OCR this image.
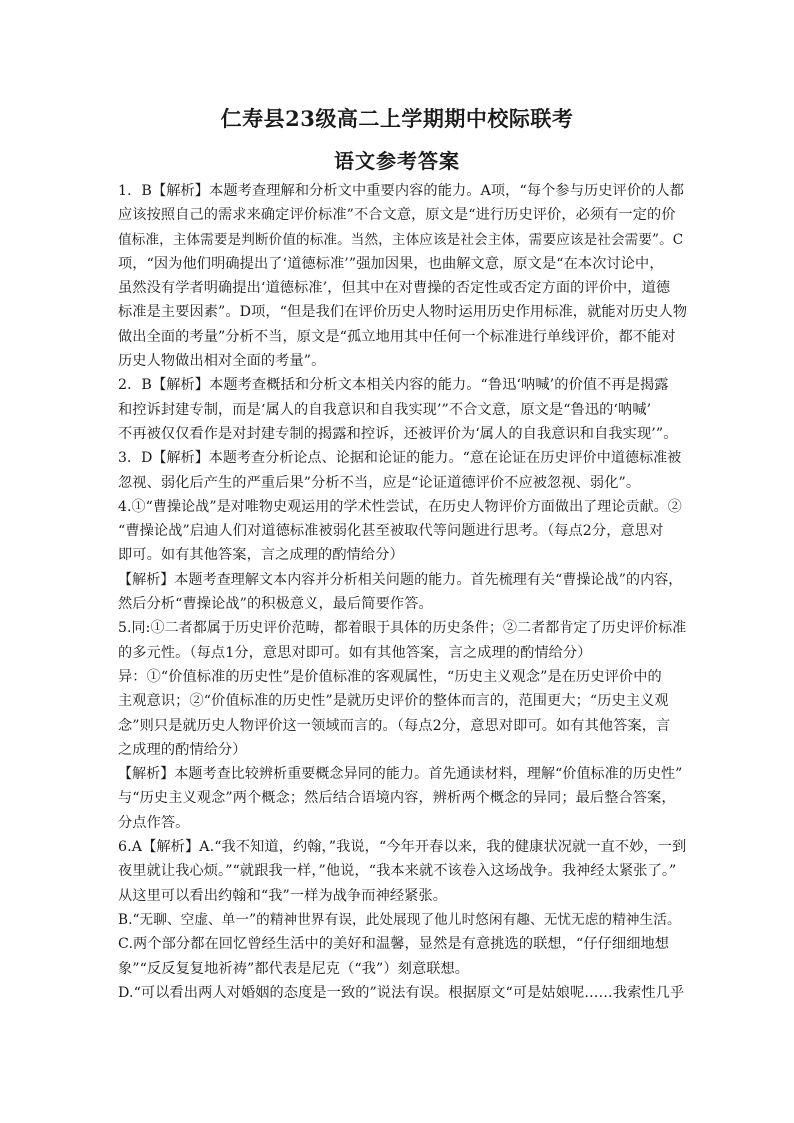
仁寿县23级高二上学期期中校际联考
语文参考答案
1．B【解析】本题考查理解和分析文中重要内容的能力。A项，“每个参与历史评价的人都
应该按照自己的需求来确定评价标准”不合文意，原文是“进行历史评价，必须有一定的价
值标准，主体需要是判断价值的标准。当然，主体应该是社会主体，需要应该是社会需要”。C
项，“因为他们明确提出了‘道德标准’”强加因果，也曲解文意，原文是“在本次讨论中，
虽然没有学者明确提出‘道德标准’，但其中在对曹操的否定性或否定方面的评价中，道德
标准是主要因素”。D项，“但是我们在评价历史人物时运用历史作用标准，就能对历史人物
做出全面的考量”分析不当，原文是“孤立地用其中任何一个标准进行单线评价，都不能对
历史人物做出相对全面的考量”。
2．B【解析】本题考查概括和分析文本相关内容的能力。“鲁迅‘呐喊’的价值不再是揭露
和控诉封建专制，而是‘属人的自我意识和自我实现’”不合文意，原文是“鲁迅的‘呐喊’
不再被仅仅看作是对封建专制的揭露和控诉，还被评价为‘属人的自我意识和自我实现’”。
3．D【解析】本题考查分析论点、论据和论证的能力。“意在论证在历史评价中道德标准被
忽视、弱化后产生的严重后果”分析不当，应是“论证道德评价不应被忽视、弱化”。
4.①“曹操论战”是对唯物史观运用的学术性尝试，在历史人物评价方面做出了理论贡献。②
“曹操论战”启迪人们对道德标准被弱化甚至被取代等问题进行思考。（每点2分，意思对
即可。如有其他答案，言之成理的酌情给分）
【解析】本题考查理解文本内容并分析相关问题的能力。首先梳理有关“曹操论战”的内容，
然后分析“曹操论战”的积极意义，最后简要作答。
5.同:①二者都属于历史评价范畴，都着眼于具体的历史条件；②二者都肯定了历史评价标准
的多元性。（每点1分，意思对即可。如有其他答案，言之成理的酌情给分）
异：①“价值标准的历史性”是价值标准的客观属性，“历史主义观念”是在历史评价中的
主观意识；②“价值标准的历史性”是就历史评价的整体而言的，范围更大；“历史主义观
念”则只是就历史人物评价这一领域而言的。（每点2分，意思对即可。如有其他答案，言
之成理的酌情给分）
【解析】本题考查比较辨析重要概念异同的能力。首先通读材料，理解“价值标准的历史性”
与“历史主义观念”两个概念；然后结合语境内容，辨析两个概念的异同；最后整合答案，
分点作答。
6.A【解析】A.“我不知道，约翰，”我说，“今年开春以来，我的健康状况就一直不妙，一到
夜里就让我心烦。”“就跟我一样，”他说，“我本来就不该卷入这场战争。我神经太紧张了。”
从这里可以看出约翰和“我”一样为战争而神经紧张。
B.“无聊、空虚、单一”的精神世界有误，此处展现了他儿时悠闲有趣、无忧无虑的精神生活。
C.两个部分都在回忆曾经生活中的美好和温馨，显然是有意挑选的联想，“仔仔细细地想
象”“反反复复地祈祷”都代表是尼克（“我”）刻意联想。
D.“可以看出两人对婚姻的态度是一致的”说法有误。根据原文“可是姑娘呢……我索性几乎
